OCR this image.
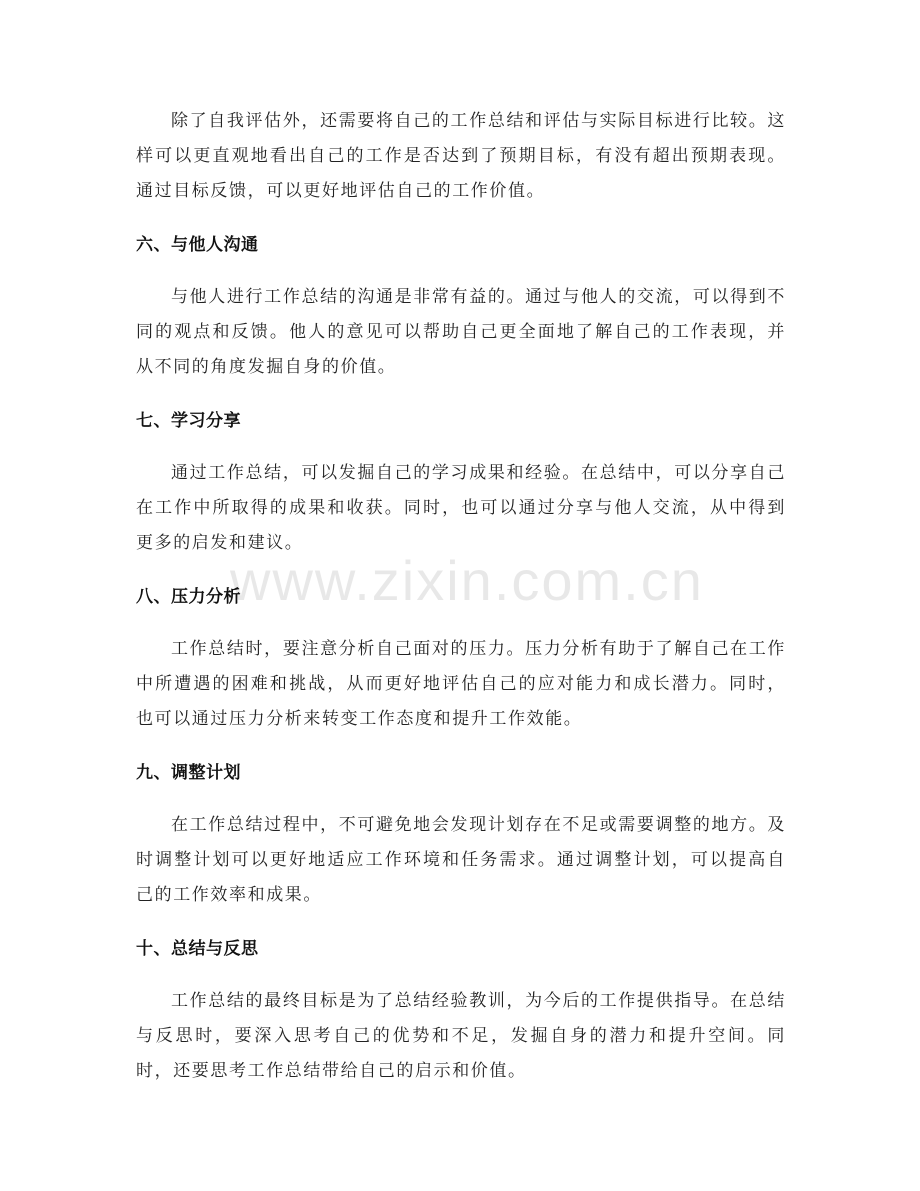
除了自我评估外，还需要将自己的工作总结和评估与实际目标进行比较。这样可以更直观地看出自己的工作是否达到了预期目标，有没有超出预期表现。通过目标反馈，可以更好地评估自己的工作价值。

六、与他人沟通

与他人进行工作总结的沟通是非常有益的。通过与他人的交流，可以得到不同的观点和反馈。他人的意见可以帮助自己更全面地了解自己的工作表现，并从不同的角度发掘自身的价值。

七、学习分享

通过工作总结，可以发掘自己的学习成果和经验。在总结中，可以分享自己在工作中所取得的成果和收获。同时，也可以通过分享与他人交流，从中得到更多的启发和建议。

八、压力分析

工作总结时，要注意分析自己面对的压力。压力分析有助于了解自己在工作中所遭遇的困难和挑战，从而更好地评估自己的应对能力和成长潜力。同时，也可以通过压力分析来转变工作态度和提升工作效能。

九、调整计划

在工作总结过程中，不可避免地会发现计划存在不足或需要调整的地方。及时调整计划可以更好地适应工作环境和任务需求。通过调整计划，可以提高自己的工作效率和成果。

十、总结与反思

工作总结的最终目标是为了总结经验教训，为今后的工作提供指导。在总结与反思时，要深入思考自己的优势和不足，发掘自身的潜力和提升空间。同时，还要思考工作总结带给自己的启示和价值。

www.zixin.com.cn
